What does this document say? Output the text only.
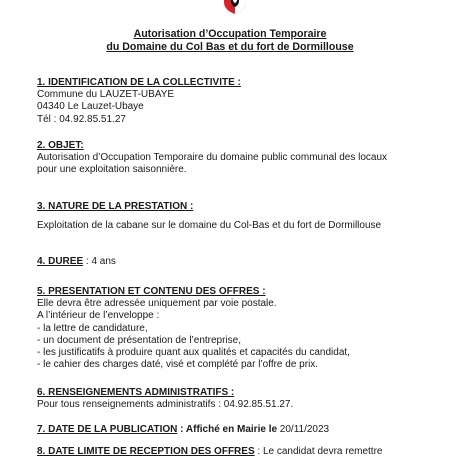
Autorisation d’Occupation Temporaire
du Domaine du Col Bas et du fort de Dormillouse
1. IDENTIFICATION DE LA COLLECTIVITE :
Commune du LAUZET-UBAYE
04340 Le Lauzet-Ubaye
Tél : 04.92.85.51.27
2. OBJET:
Autorisation d’Occupation Temporaire du domaine public communal des locaux
pour une exploitation saisonnière.
3. NATURE DE LA PRESTATION :
Exploitation de la cabane sur le domaine du Col-Bas et du fort de Dormillouse
4. DUREE : 4 ans
5. PRESENTATION ET CONTENU DES OFFRES :
Elle devra être adressée uniquement par voie postale.
A l’intérieur de l’enveloppe :
- la lettre de candidature,
- un document de présentation de l’entreprise,
- les justificatifs à produire quant aux qualités et capacités du candidat,
- le cahier des charges daté, visé et complété par l’offre de prix.
6. RENSEIGNEMENTS ADMINISTRATIFS :
Pour tous renseignements administratifs : 04.92.85.51.27.
7. DATE DE LA PUBLICATION : Affiché en Mairie le 20/11/2023
8. DATE LIMITE DE RECEPTION DES OFFRES : Le candidat devra remettre
